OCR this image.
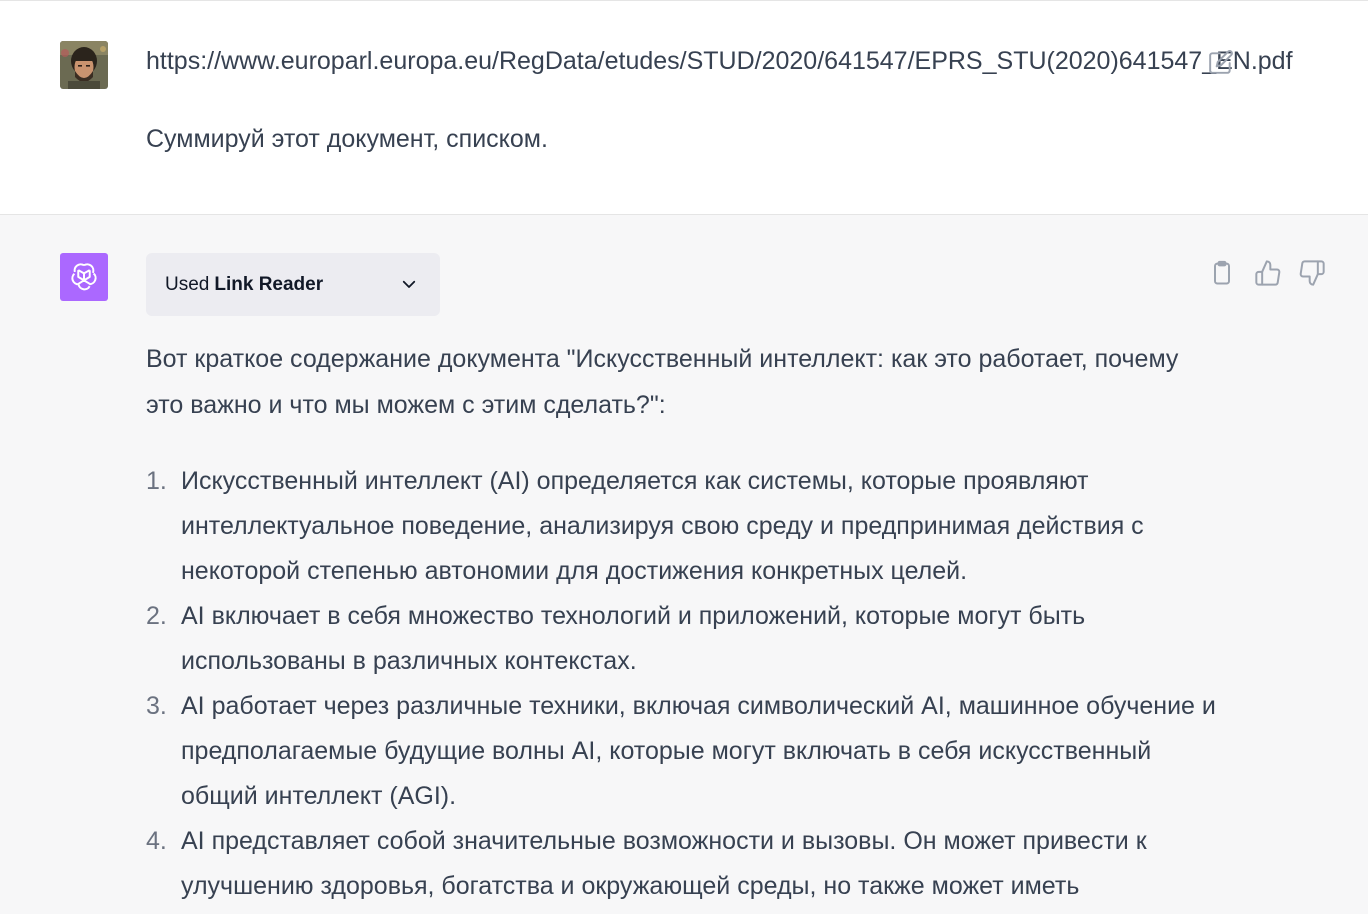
https://www.europarl.europa.eu/RegData/etudes/STUD/2020/641547/EPRS_STU(2020)641547_EN.pdf
Суммируй этот документ, списком.
Used Link Reader
Вот краткое содержание документа "Искусственный интеллект: как это работает, почему это важно и что мы можем с этим сделать?":
1. Искусственный интеллект (AI) определяется как системы, которые проявляют интеллектуальное поведение, анализируя свою среду и предпринимая действия с некоторой степенью автономии для достижения конкретных целей.
2. AI включает в себя множество технологий и приложений, которые могут быть использованы в различных контекстах.
3. AI работает через различные техники, включая символический AI, машинное обучение и предполагаемые будущие волны AI, которые могут включать в себя искусственный общий интеллект (AGI).
4. AI представляет собой значительные возможности и вызовы. Он может привести к улучшению здоровья, богатства и окружающей среды, но также может иметь
